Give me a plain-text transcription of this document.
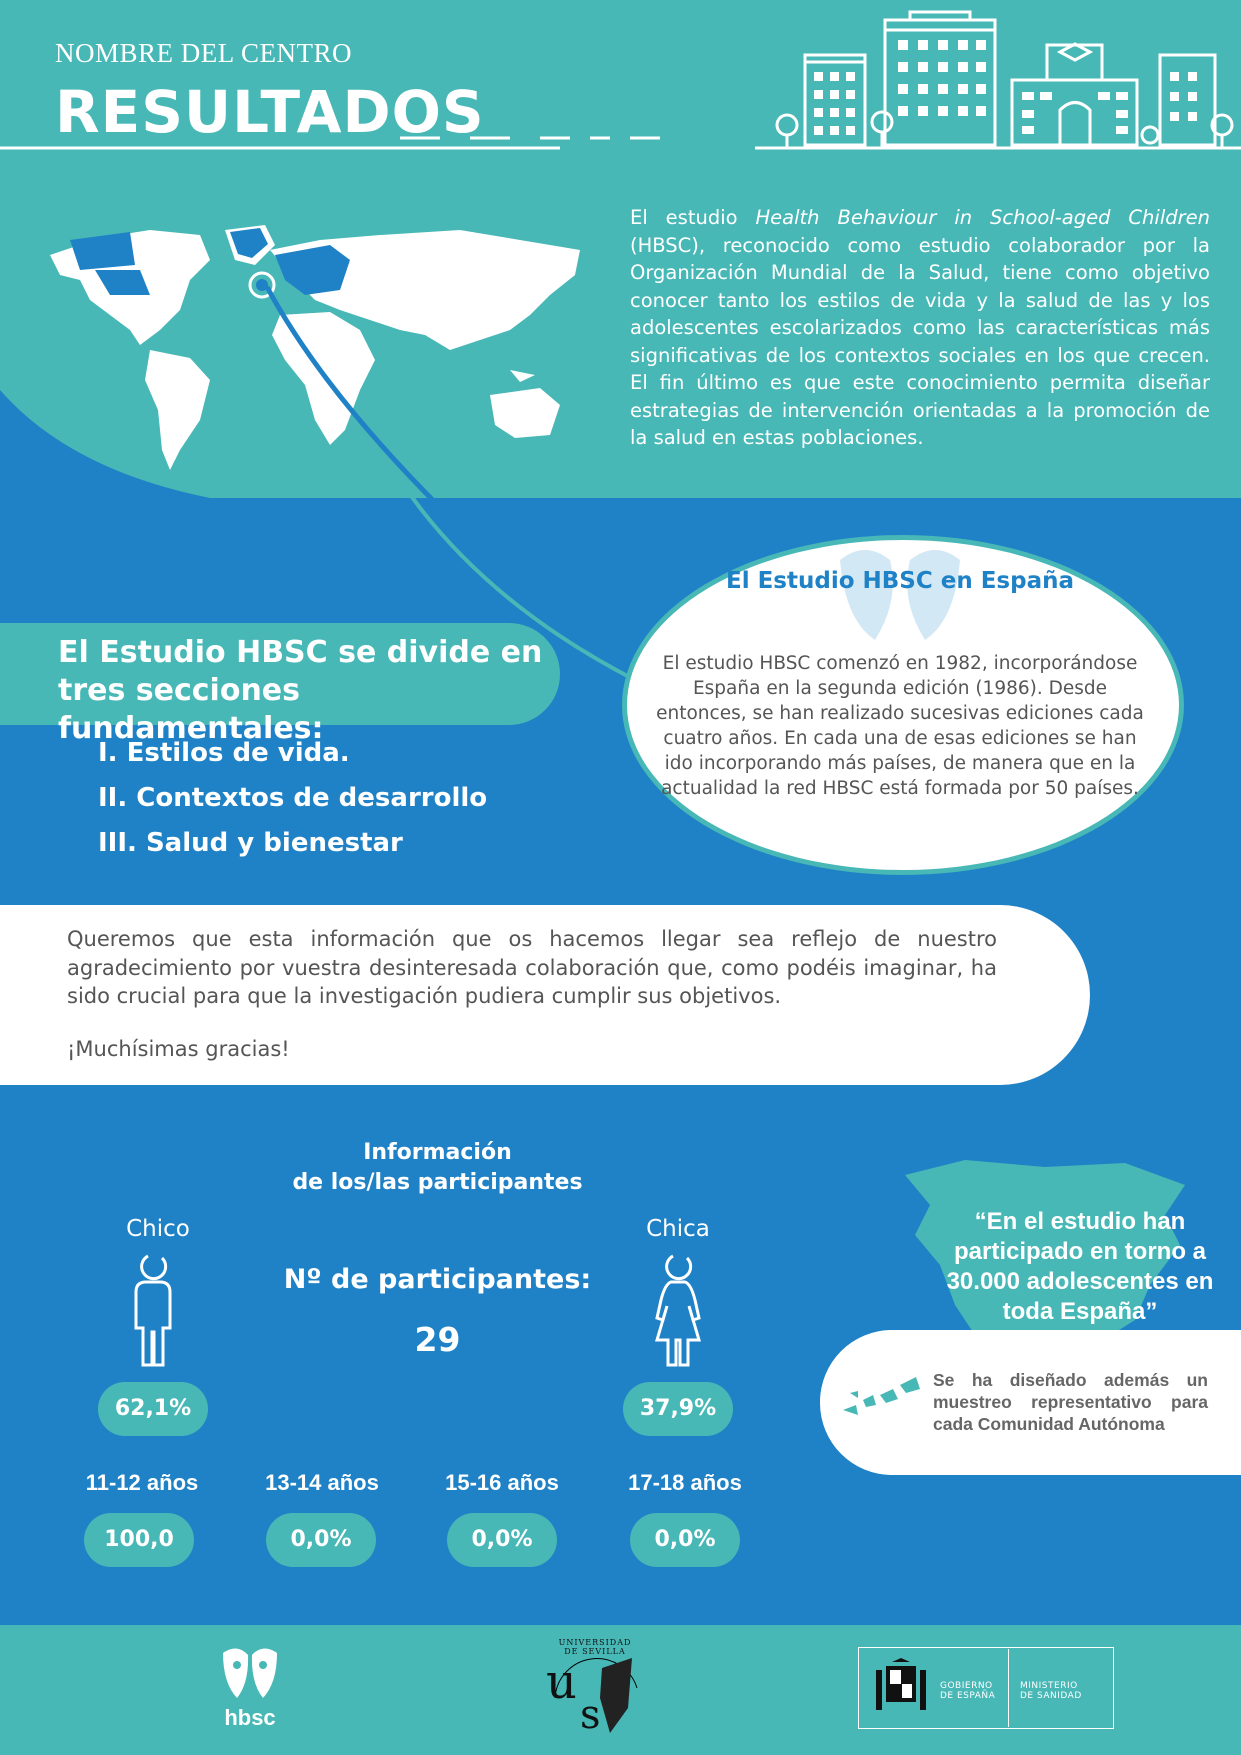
NOMBRE DEL CENTRO
RESULTADOS
El estudio Health Behaviour in School-aged Children (HBSC), reconocido como estudio colaborador por la Organización Mundial de la Salud, tiene como objetivo conocer tanto los estilos de vida y la salud de las y los adolescentes escolarizados como las características más significativas de los contextos sociales en los que crecen. El fin último es que este conocimiento permita diseñar estrategias de intervención orientadas a la promoción de la salud en estas poblaciones.
El Estudio HBSC se divide en tres secciones fundamentales:
I. Estilos de vida.
II. Contextos de desarrollo
III. Salud y bienestar
El Estudio HBSC en España
El estudio HBSC comenzó en 1982, incorporándose España en la segunda edición (1986). Desde entonces, se han realizado sucesivas ediciones cada cuatro años. En cada una de esas ediciones se han ido incorporando más países, de manera que en la actualidad la red HBSC está formada por 50 países.
Queremos que esta información que os hacemos llegar sea reflejo de nuestro agradecimiento por vuestra desinteresada colaboración que, como podéis imaginar, ha sido crucial para que la investigación pudiera cumplir sus objetivos.
¡Muchísimas gracias!
Información
de los/las participantes
Chico	Chica
Nº de participantes:
29
62,1%	37,9%
11-12 años	13-14 años	15-16 años	17-18 años
100,0	0,0%	0,0%	0,0%
“En el estudio han participado en torno a 30.000 adolescentes en toda España”
Se ha diseñado además un muestreo representativo para cada Comunidad Autónoma
hbsc
u
s
UNIVERSIDAD DE SEVILLA
GOBIERNO
DE ESPAÑA
MINISTERIO
DE SANIDAD
